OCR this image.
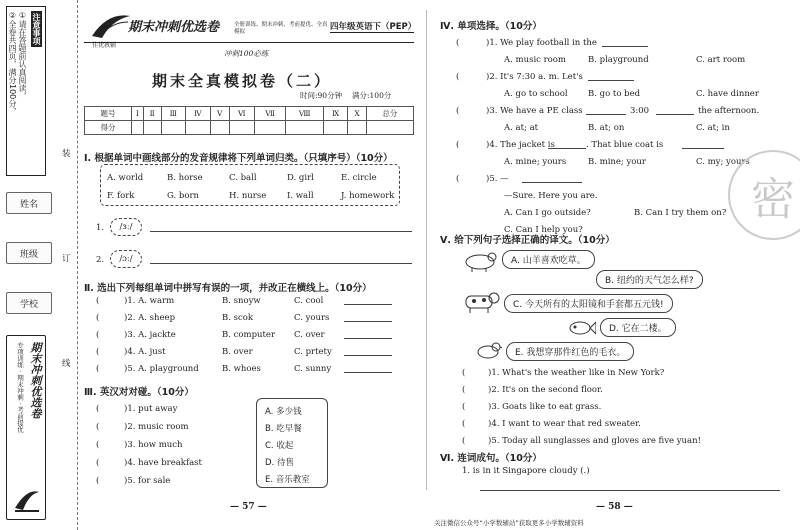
注意事项
①请在答题前认真阅读，
②全卷共四页，满分100分，
姓名
班级
学校
装
订
线
期末冲刺优选卷
专项训练 · 期末冲刺 · 考前提优
期末冲刺优选卷
佳优教辅
全册训练、期末冲刺、考前提优、全真模拟	四年级英语下（PEP）
冲刺100必练
期末全真模拟卷（二）
时间:90分钟 满分:100分
题号	Ⅰ	Ⅱ	Ⅲ	Ⅳ	Ⅴ	Ⅵ	Ⅶ	Ⅷ	Ⅸ	Ⅹ	总分
得分											
Ⅰ. 根据单词中画线部分的发音规律将下列单词归类。（只填序号）（10分）
A. world	B. horse	C. ball	D. girl	E. circle
F. fork	G. born	H. nurse I. wall	J. homework
1.	/ɜː/
2.	/ɔː/
Ⅱ. 选出下列每组单词中拼写有误的一项，并改正在横线上。（10分）
(	)1. A. warm	B. snoyw	C. cool
(	)2. A. sheep	B. scok	C. yours
(	)3. A. jackte	B. computer C. over
(	)4. A. just	B. over	C. prtety
(	)5. A. playground	B. whoes	C. sunny
Ⅲ. 英汉对对碰。（10分）
(	)1. put away
(	)2. music room
(	)3. how much
(	)4. have breakfast
(	)5. for sale
A. 多少钱
B. 吃早餐
C. 收起
D. 待售
E. 音乐教室
— 57 —
Ⅳ. 单项选择。（10分）
(	)1. We play football in the
A. music room	B. playground	C. art room
(	)2. It's 7:30 a. m. Let's
A. go to school B. go to bed	C. have dinner
(	)3. We have a PE class	3:00	the afternoon.
A. at; at	B. at; on	C. at; in
(	)4. The jacket is	. That blue coat is
A. mine; yours	B. mine; your	C. my; yours
(	)5. —
—Sure. Here you are.
A. Can I go outside?	B. Can I try them on?
C. Can I help you?
密
Ⅴ. 给下列句子选择正确的译文。（10分）
A. 山羊喜欢吃草。
B. 纽约的天气怎么样?
C. 今天所有的太阳镜和手套都五元钱!
D. 它在二楼。
E. 我想穿那件红色的毛衣。
(	)1. What's the weather like in New York?
(	)2. It's on the second floor.
(	)3. Goats like to eat grass.
(	)4. I want to wear that red sweater.
(	)5. Today all sunglasses and gloves are five yuan!
Ⅵ. 连词成句。（10分）
1. is in it Singapore cloudy (.)
— 58 —
关注微信公众号“小学数辅站”获取更多小学数辅资料
